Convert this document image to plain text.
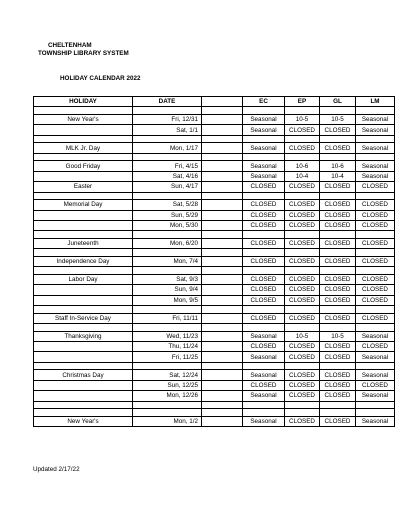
CHELTENHAM
TOWNSHIP LIBRARY SYSTEM
HOLIDAY CALENDAR 2022
HOLIDAY	DATE		EC	EP	GL	LM

New Year's	Fri, 12/31		Seasonal	10-5	10-5	Seasonal
	Sat, 1/1		Seasonal	CLOSED	CLOSED	Seasonal

MLK Jr. Day	Mon, 1/17		Seasonal	CLOSED	CLOSED	Seasonal

Good Friday	Fri, 4/15		Seasonal	10-6	10-6	Seasonal
	Sat, 4/16		Seasonal	10-4	10-4	Seasonal
Easter	Sun, 4/17		CLOSED	CLOSED	CLOSED	CLOSED

Memorial Day	Sat, 5/28		CLOSED	CLOSED	CLOSED	CLOSED
	Sun, 5/29		CLOSED	CLOSED	CLOSED	CLOSED
	Mon, 5/30		CLOSED	CLOSED	CLOSED	CLOSED

Juneteenth	Mon, 6/20		CLOSED	CLOSED	CLOSED	CLOSED

Independence Day	Mon, 7/4		CLOSED	CLOSED	CLOSED	CLOSED

Labor Day	Sat, 9/3		CLOSED	CLOSED	CLOSED	CLOSED
	Sun, 9/4		CLOSED	CLOSED	CLOSED	CLOSED
	Mon, 9/5		CLOSED	CLOSED	CLOSED	CLOSED

Staff In-Service Day	Fri, 11/11		CLOSED	CLOSED	CLOSED	CLOSED

Thanksgiving	Wed, 11/23		Seasonal	10-5	10-5	Seasonal
	Thu, 11/24		CLOSED	CLOSED	CLOSED	CLOSED
	Fri, 11/25		Seasonal	CLOSED	CLOSED	Seasonal

Christmas Day	Sat, 12/24		Seasonal	CLOSED	CLOSED	Seasonal
	Sun, 12/25		CLOSED	CLOSED	CLOSED	CLOSED
	Mon, 12/26		Seasonal	CLOSED	CLOSED	Seasonal

New Year's	Mon, 1/2		Seasonal	CLOSED	CLOSED	Seasonal
Updated 2/17/22
